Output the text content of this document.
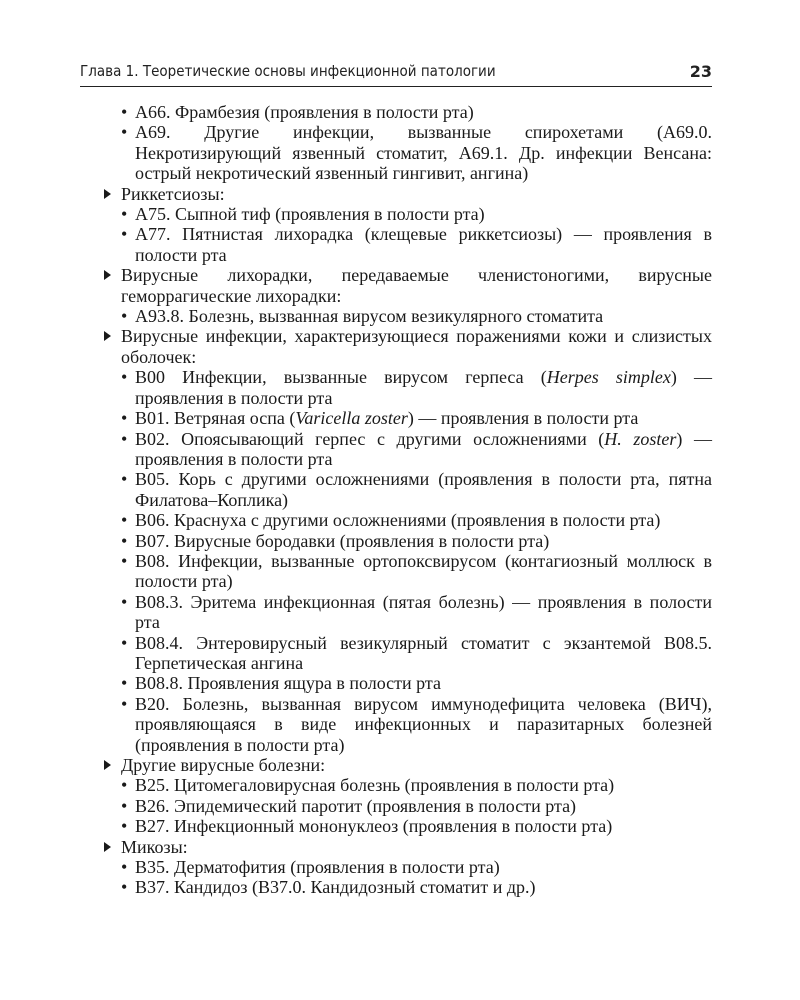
Глава 1. Теоретические основы инфекционной патологии	23
• А66. Фрамбезия (проявления в полости рта)
• А69. Другие инфекции, вызванные спирохетами (А69.0. Некротизирующий язвенный стоматит, А69.1. Др. инфекции Венсана: острый некротический язвенный гингивит, ангина)
Риккетсиозы:
• А75. Сыпной тиф (проявления в полости рта)
• А77. Пятнистая лихорадка (клещевые риккетсиозы) — проявления в полости рта
Вирусные лихорадки, передаваемые членистоногими, вирусные геморрагические лихорадки:
• А93.8. Болезнь, вызванная вирусом везикулярного стоматита
Вирусные инфекции, характеризующиеся поражениями кожи и слизистых оболочек:
• В00 Инфекции, вызванные вирусом герпеса (Herpes simplex) — проявления в полости рта
• В01. Ветряная оспа (Varicella zoster) — проявления в полости рта
• В02. Опоясывающий герпес с другими осложнениями (H. zoster) — проявления в полости рта
• В05. Корь с другими осложнениями (проявления в полости рта, пятна Филатова–Коплика)
• В06. Краснуха с другими осложнениями (проявления в полости рта)
• В07. Вирусные бородавки (проявления в полости рта)
• В08. Инфекции, вызванные ортопоксвирусом (контагиозный моллюск в полости рта)
• В08.3. Эритема инфекционная (пятая болезнь) — проявления в полости рта
• В08.4. Энтеровирусный везикулярный стоматит с экзантемой В08.5. Герпетическая ангина
• В08.8. Проявления ящура в полости рта
• В20. Болезнь, вызванная вирусом иммунодефицита человека (ВИЧ), проявляющаяся в виде инфекционных и паразитарных болезней (проявления в полости рта)
Другие вирусные болезни:
• В25. Цитомегаловирусная болезнь (проявления в полости рта)
• В26. Эпидемический паротит (проявления в полости рта)
• В27. Инфекционный мононуклеоз (проявления в полости рта)
Микозы:
• В35. Дерматофития (проявления в полости рта)
• В37. Кандидоз (В37.0. Кандидозный стоматит и др.)
